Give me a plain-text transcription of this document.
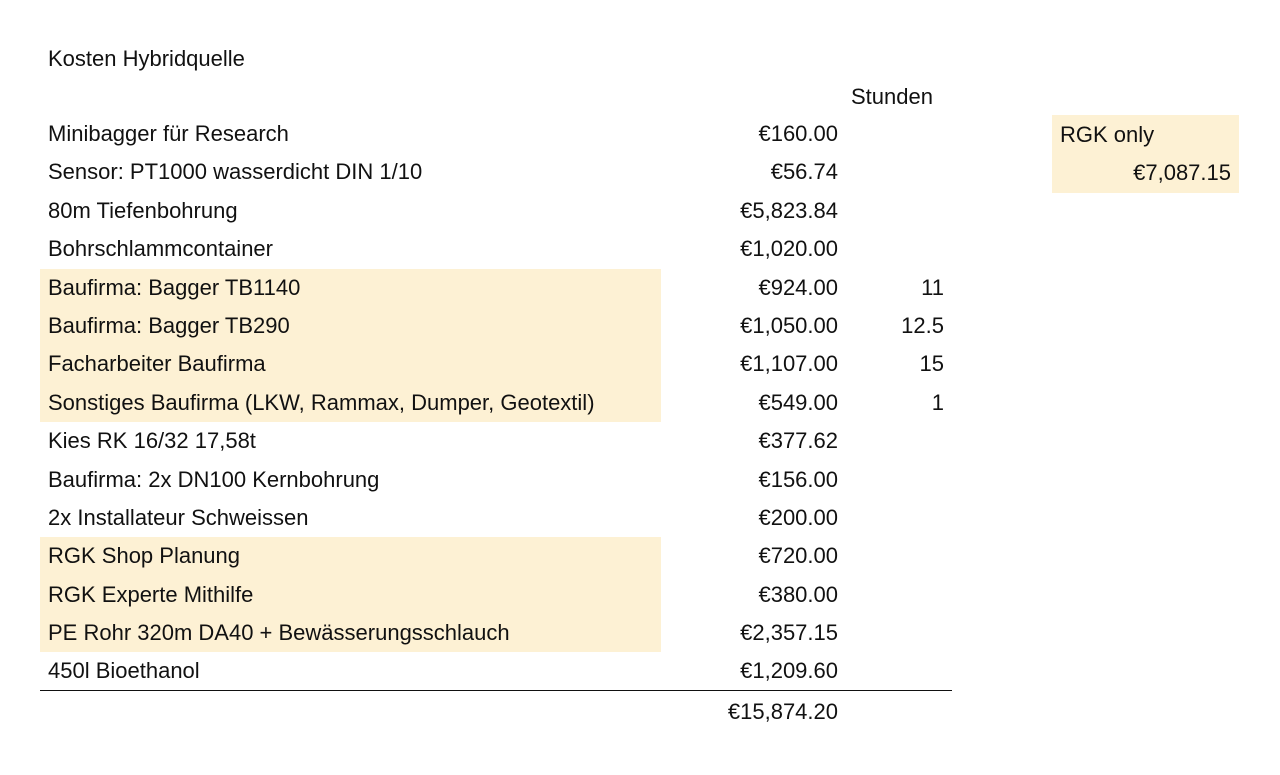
Kosten Hybridquelle
Stunden
Minibagger für Research	€160.00
Sensor: PT1000 wasserdicht DIN 1/10	€56.74
80m Tiefenbohrung	€5,823.84
Bohrschlammcontainer	€1,020.00
Baufirma: Bagger TB1140	€924.00	11
Baufirma: Bagger TB290	€1,050.00	12.5
Facharbeiter Baufirma	€1,107.00	15
Sonstiges Baufirma (LKW, Rammax, Dumper, Geotextil)	€549.00	1
Kies RK 16/32 17,58t	€377.62
Baufirma: 2x DN100 Kernbohrung	€156.00
2x Installateur Schweissen	€200.00
RGK Shop Planung	€720.00
RGK Experte Mithilfe	€380.00
PE Rohr 320m DA40 + Bewässerungsschlauch	€2,357.15
450l Bioethanol	€1,209.60
€15,874.20
RGK only
€7,087.15
